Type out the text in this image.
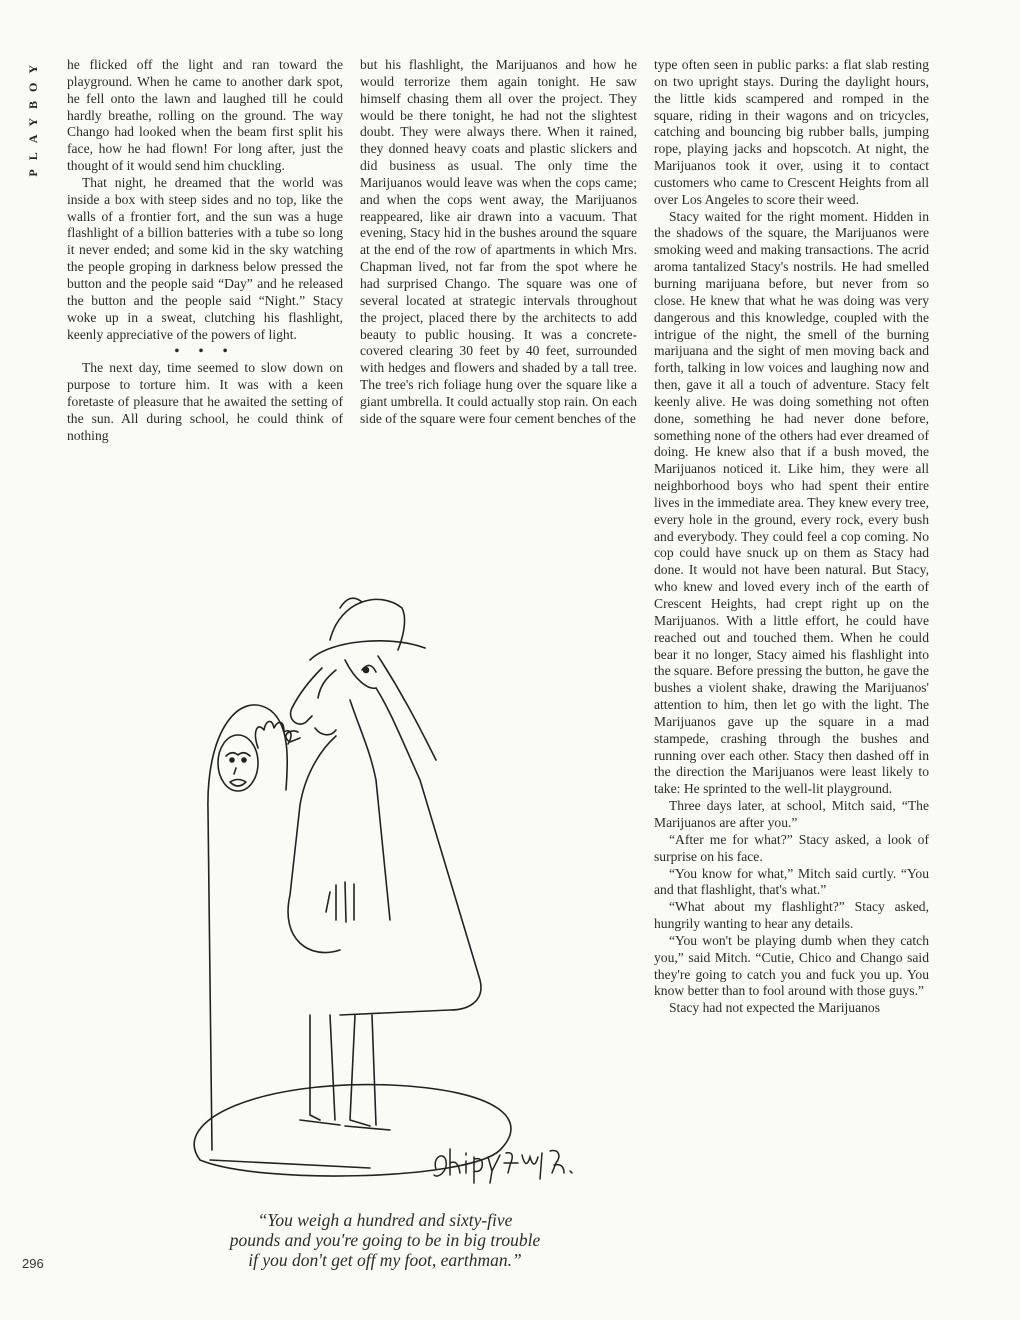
PLAYBOY he flicked off the light and ran toward the playground. When he came to another dark spot, he fell onto the lawn and laughed till he could hardly breathe, rolling on the ground. The way Chango had looked when the beam first split his face, how he had flown! For long after, just the thought of it would send him chuckling.

That night, he dreamed that the world was inside a box with steep sides and no top, like the walls of a frontier fort, and the sun was a huge flashlight of a billion batteries with a tube so long it never ended; and some kid in the sky watching the people groping in darkness below pressed the button and the people said “Day” and he released the button and the people said “Night.” Stacy woke up in a sweat, clutching his flashlight, keenly appreciative of the powers of light.

• • •

The next day, time seemed to slow down on purpose to torture him. It was with a keen foretaste of pleasure that he awaited the setting of the sun. All during school, he could think of nothing

but his flashlight, the Marijuanos and how he would terrorize them again tonight. He saw himself chasing them all over the project. They would be there tonight, he had not the slightest doubt. They were always there. When it rained, they donned heavy coats and plastic slickers and did business as usual. The only time the Marijuanos would leave was when the cops came; and when the cops went away, the Marijuanos reappeared, like air drawn into a vacuum. That evening, Stacy hid in the bushes around the square at the end of the row of apartments in which Mrs. Chapman lived, not far from the spot where he had surprised Chango. The square was one of several located at strategic intervals throughout the project, placed there by the architects to add beauty to public housing. It was a concrete-covered clearing 30 feet by 40 feet, surrounded with hedges and flowers and shaded by a tall tree. The tree's rich foliage hung over the square like a giant umbrella. It could actually stop rain. On each side of the square were four cement benches of the

type often seen in public parks: a flat slab resting on two upright stays. During the daylight hours, the little kids scampered and romped in the square, riding in their wagons and on tricycles, catching and bouncing big rubber balls, jumping rope, playing jacks and hopscotch. At night, the Marijuanos took it over, using it to contact customers who came to Crescent Heights from all over Los Angeles to score their weed.

Stacy waited for the right moment. Hidden in the shadows of the square, the Marijuanos were smoking weed and making transactions. The acrid aroma tantalized Stacy's nostrils. He had smelled burning marijuana before, but never from so close. He knew that what he was doing was very dangerous and this knowledge, coupled with the intrigue of the night, the smell of the burning marijuana and the sight of men moving back and forth, talking in low voices and laughing now and then, gave it all a touch of adventure. Stacy felt keenly alive. He was doing something not often done, something he had never done before, something none of the others had ever dreamed of doing. He knew also that if a bush moved, the Marijuanos noticed it. Like him, they were all neighborhood boys who had spent their entire lives in the immediate area. They knew every tree, every hole in the ground, every rock, every bush and everybody. They could feel a cop coming. No cop could have snuck up on them as Stacy had done. It would not have been natural. But Stacy, who knew and loved every inch of the earth of Crescent Heights, had crept right up on the Marijuanos. With a little effort, he could have reached out and touched them. When he could bear it no longer, Stacy aimed his flashlight into the square. Before pressing the button, he gave the bushes a violent shake, drawing the Marijuanos' attention to him, then let go with the light. The Marijuanos gave up the square in a mad stampede, crashing through the bushes and running over each other. Stacy then dashed off in the direction the Marijuanos were least likely to take: He sprinted to the well-lit playground.

Three days later, at school, Mitch said, “The Marijuanos are after you.”

“After me for what?” Stacy asked, a look of surprise on his face.

“You know for what,” Mitch said curtly. “You and that flashlight, that's what.”

“What about my flashlight?” Stacy asked, hungrily wanting to hear any details.

“You won't be playing dumb when they catch you,” said Mitch. “Cutie, Chico and Chango said they're going to catch you and fuck you up. You know better than to fool around with those guys.”

Stacy had not expected the Marijuanos

“You weigh a hundred and sixty-five
pounds and you're going to be in big trouble
if you don't get off my foot, earthman.”
296
